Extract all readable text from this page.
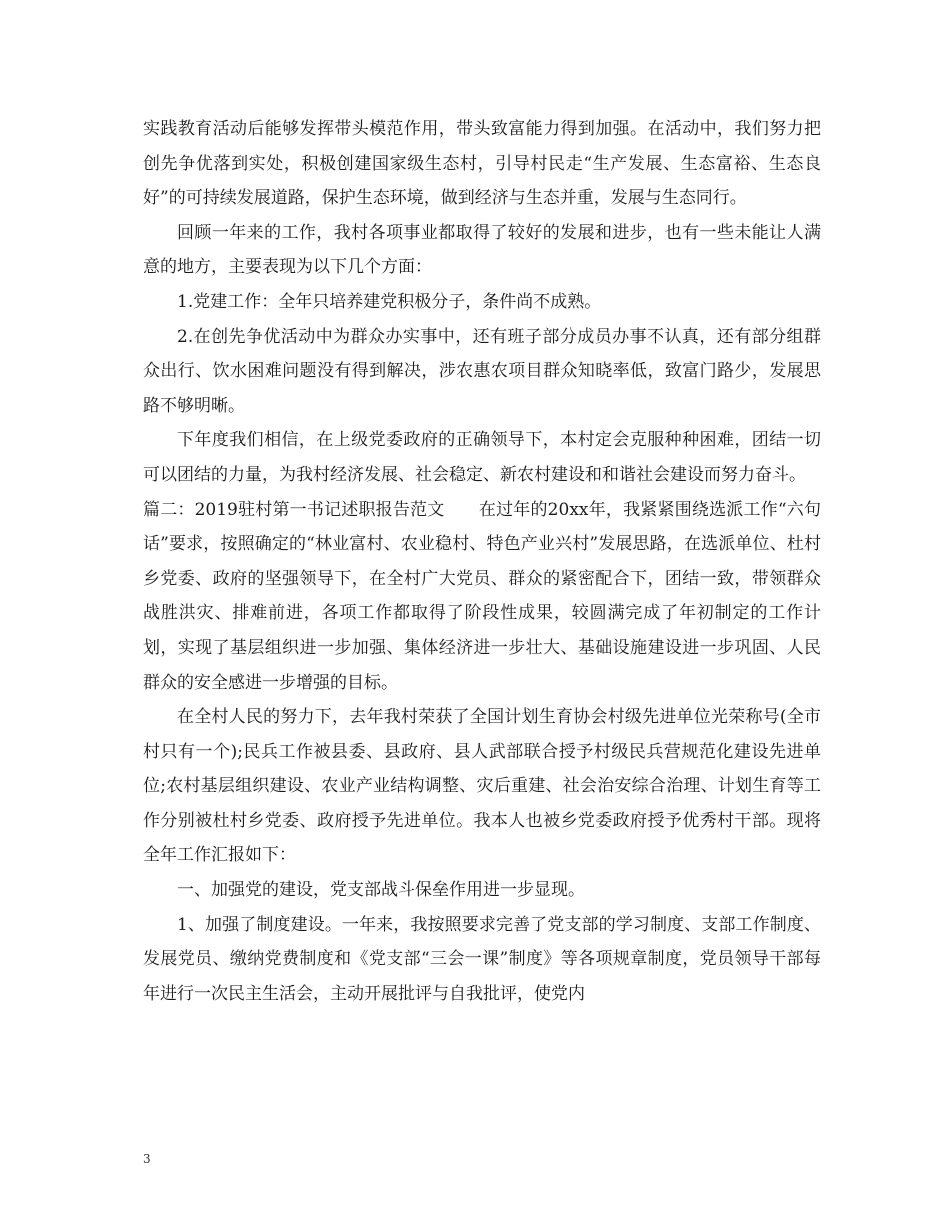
实践教育活动后能够发挥带头模范作用，带头致富能力得到加强。在活动中，我们努力把创先争优落到实处，积极创建国家级生态村，引导村民走“生产发展、生态富裕、生态良好”的可持续发展道路，保护生态环境，做到经济与生态并重，发展与生态同行。

回顾一年来的工作，我村各项事业都取得了较好的发展和进步，也有一些未能让人满意的地方，主要表现为以下几个方面：

1.党建工作：全年只培养建党积极分子，条件尚不成熟。

2.在创先争优活动中为群众办实事中，还有班子部分成员办事不认真，还有部分组群众出行、饮水困难问题没有得到解决，涉农惠农项目群众知晓率低，致富门路少，发展思路不够明晰。

下年度我们相信，在上级党委政府的正确领导下，本村定会克服种种困难，团结一切可以团结的力量，为我村经济发展、社会稳定、新农村建设和和谐社会建设而努力奋斗。

篇二：2019驻村第一书记述职报告范文　　在过年的20xx年，我紧紧围绕选派工作“六句话”要求，按照确定的“林业富村、农业稳村、特色产业兴村”发展思路，在选派单位、杜村乡党委、政府的坚强领导下，在全村广大党员、群众的紧密配合下，团结一致，带领群众战胜洪灾、排难前进，各项工作都取得了阶段性成果，较圆满完成了年初制定的工作计划，实现了基层组织进一步加强、集体经济进一步壮大、基础设施建设进一步巩固、人民群众的安全感进一步增强的目标。

在全村人民的努力下，去年我村荣获了全国计划生育协会村级先进单位光荣称号(全市村只有一个);民兵工作被县委、县政府、县人武部联合授予村级民兵营规范化建设先进单位;农村基层组织建设、农业产业结构调整、灾后重建、社会治安综合治理、计划生育等工作分别被杜村乡党委、政府授予先进单位。我本人也被乡党委政府授予优秀村干部。现将全年工作汇报如下：

一、加强党的建设，党支部战斗保垒作用进一步显现。

1、加强了制度建设。一年来，我按照要求完善了党支部的学习制度、支部工作制度、发展党员、缴纳党费制度和《党支部“三会一课”制度》等各项规章制度，党员领导干部每年进行一次民主生活会，主动开展批评与自我批评，使党内

3
